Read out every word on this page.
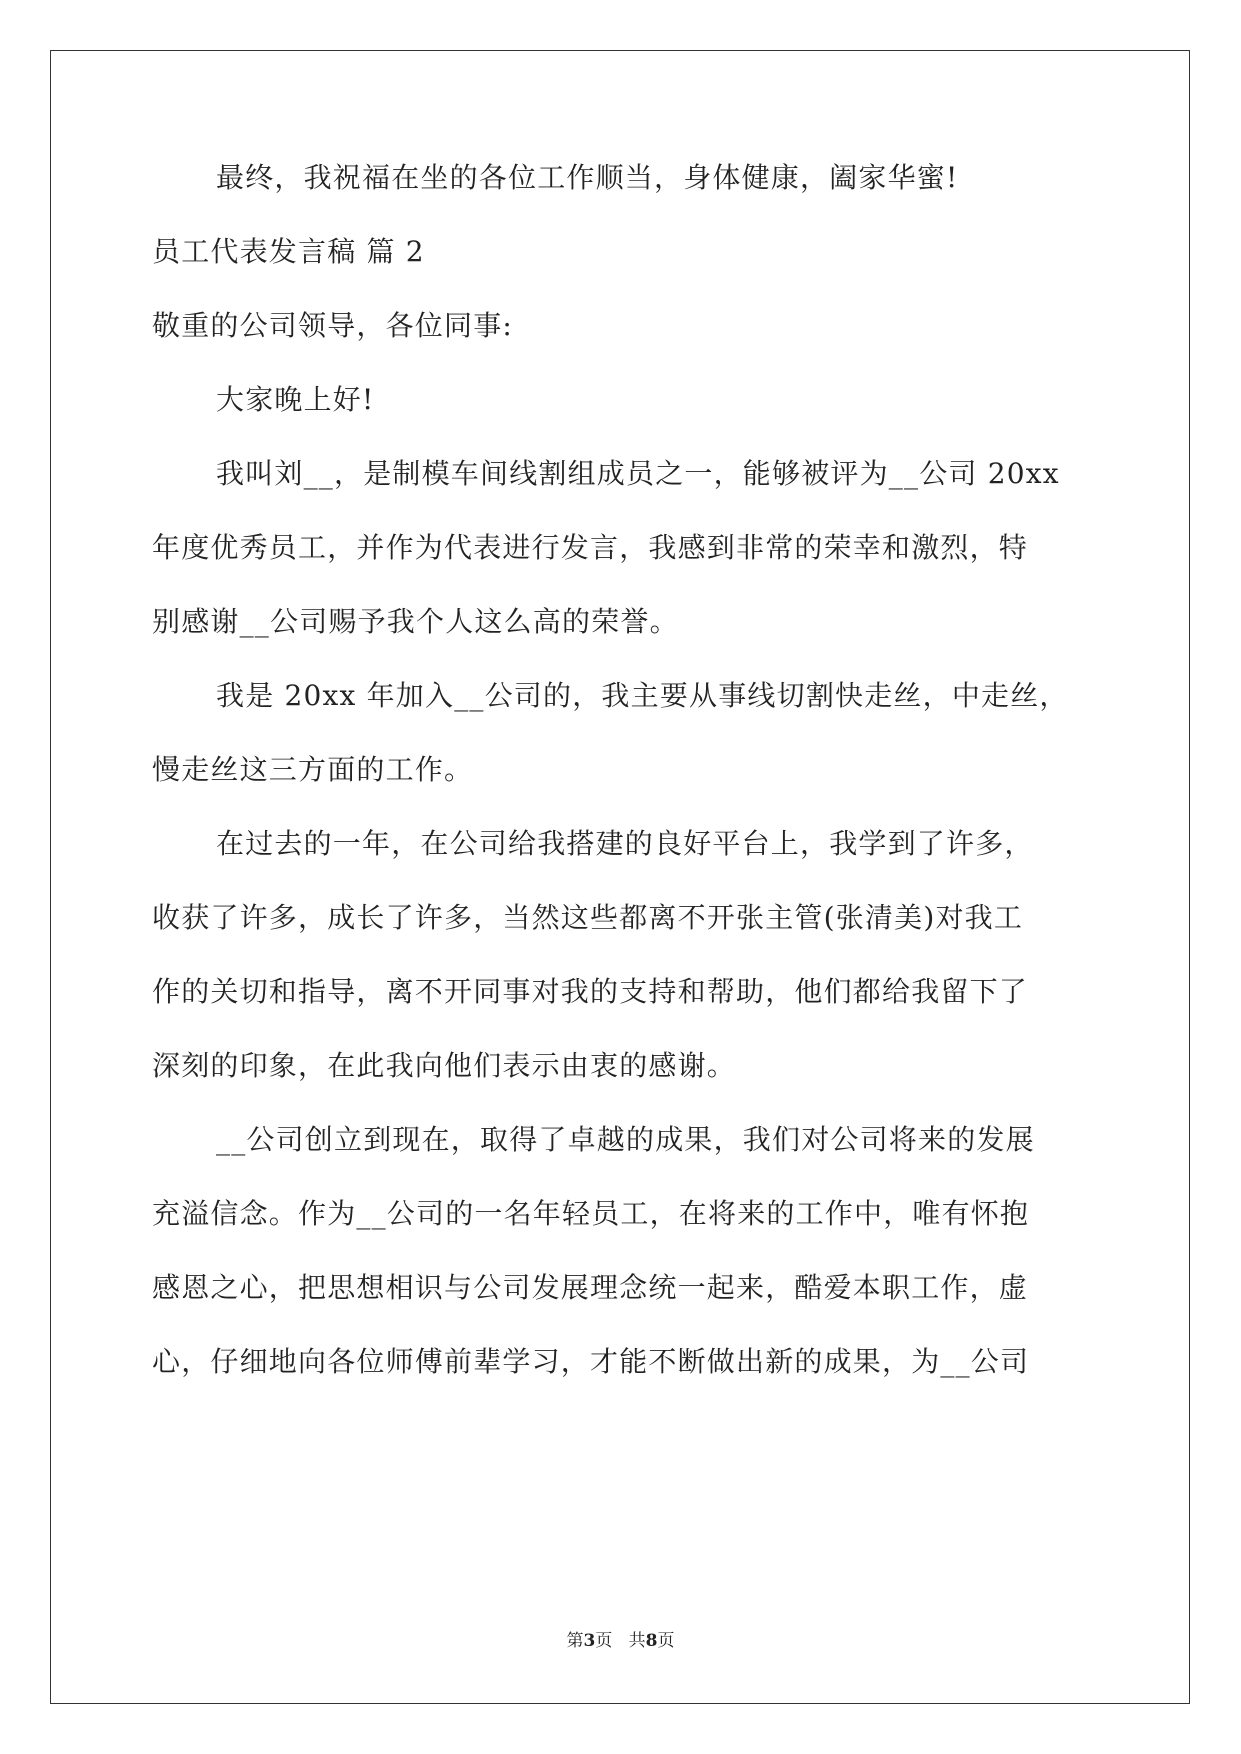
最终，我祝福在坐的各位工作顺当，身体健康，阖家华蜜!
员工代表发言稿 篇 2
敬重的公司领导，各位同事:
大家晚上好!
我叫刘__，是制模车间线割组成员之一，能够被评为__公司 20xx
年度优秀员工，并作为代表进行发言，我感到非常的荣幸和激烈，特
别感谢__公司赐予我个人这么高的荣誉。
我是 20xx 年加入__公司的，我主要从事线切割快走丝，中走丝，
慢走丝这三方面的工作。
在过去的一年，在公司给我搭建的良好平台上，我学到了许多，
收获了许多，成长了许多，当然这些都离不开张主管(张清美)对我工
作的关切和指导，离不开同事对我的支持和帮助，他们都给我留下了
深刻的印象，在此我向他们表示由衷的感谢。
__公司创立到现在，取得了卓越的成果，我们对公司将来的发展
充溢信念。作为__公司的一名年轻员工，在将来的工作中，唯有怀抱
感恩之心，把思想相识与公司发展理念统一起来，酷爱本职工作，虚
心，仔细地向各位师傅前辈学习，才能不断做出新的成果，为__公司
第3页   共8页
